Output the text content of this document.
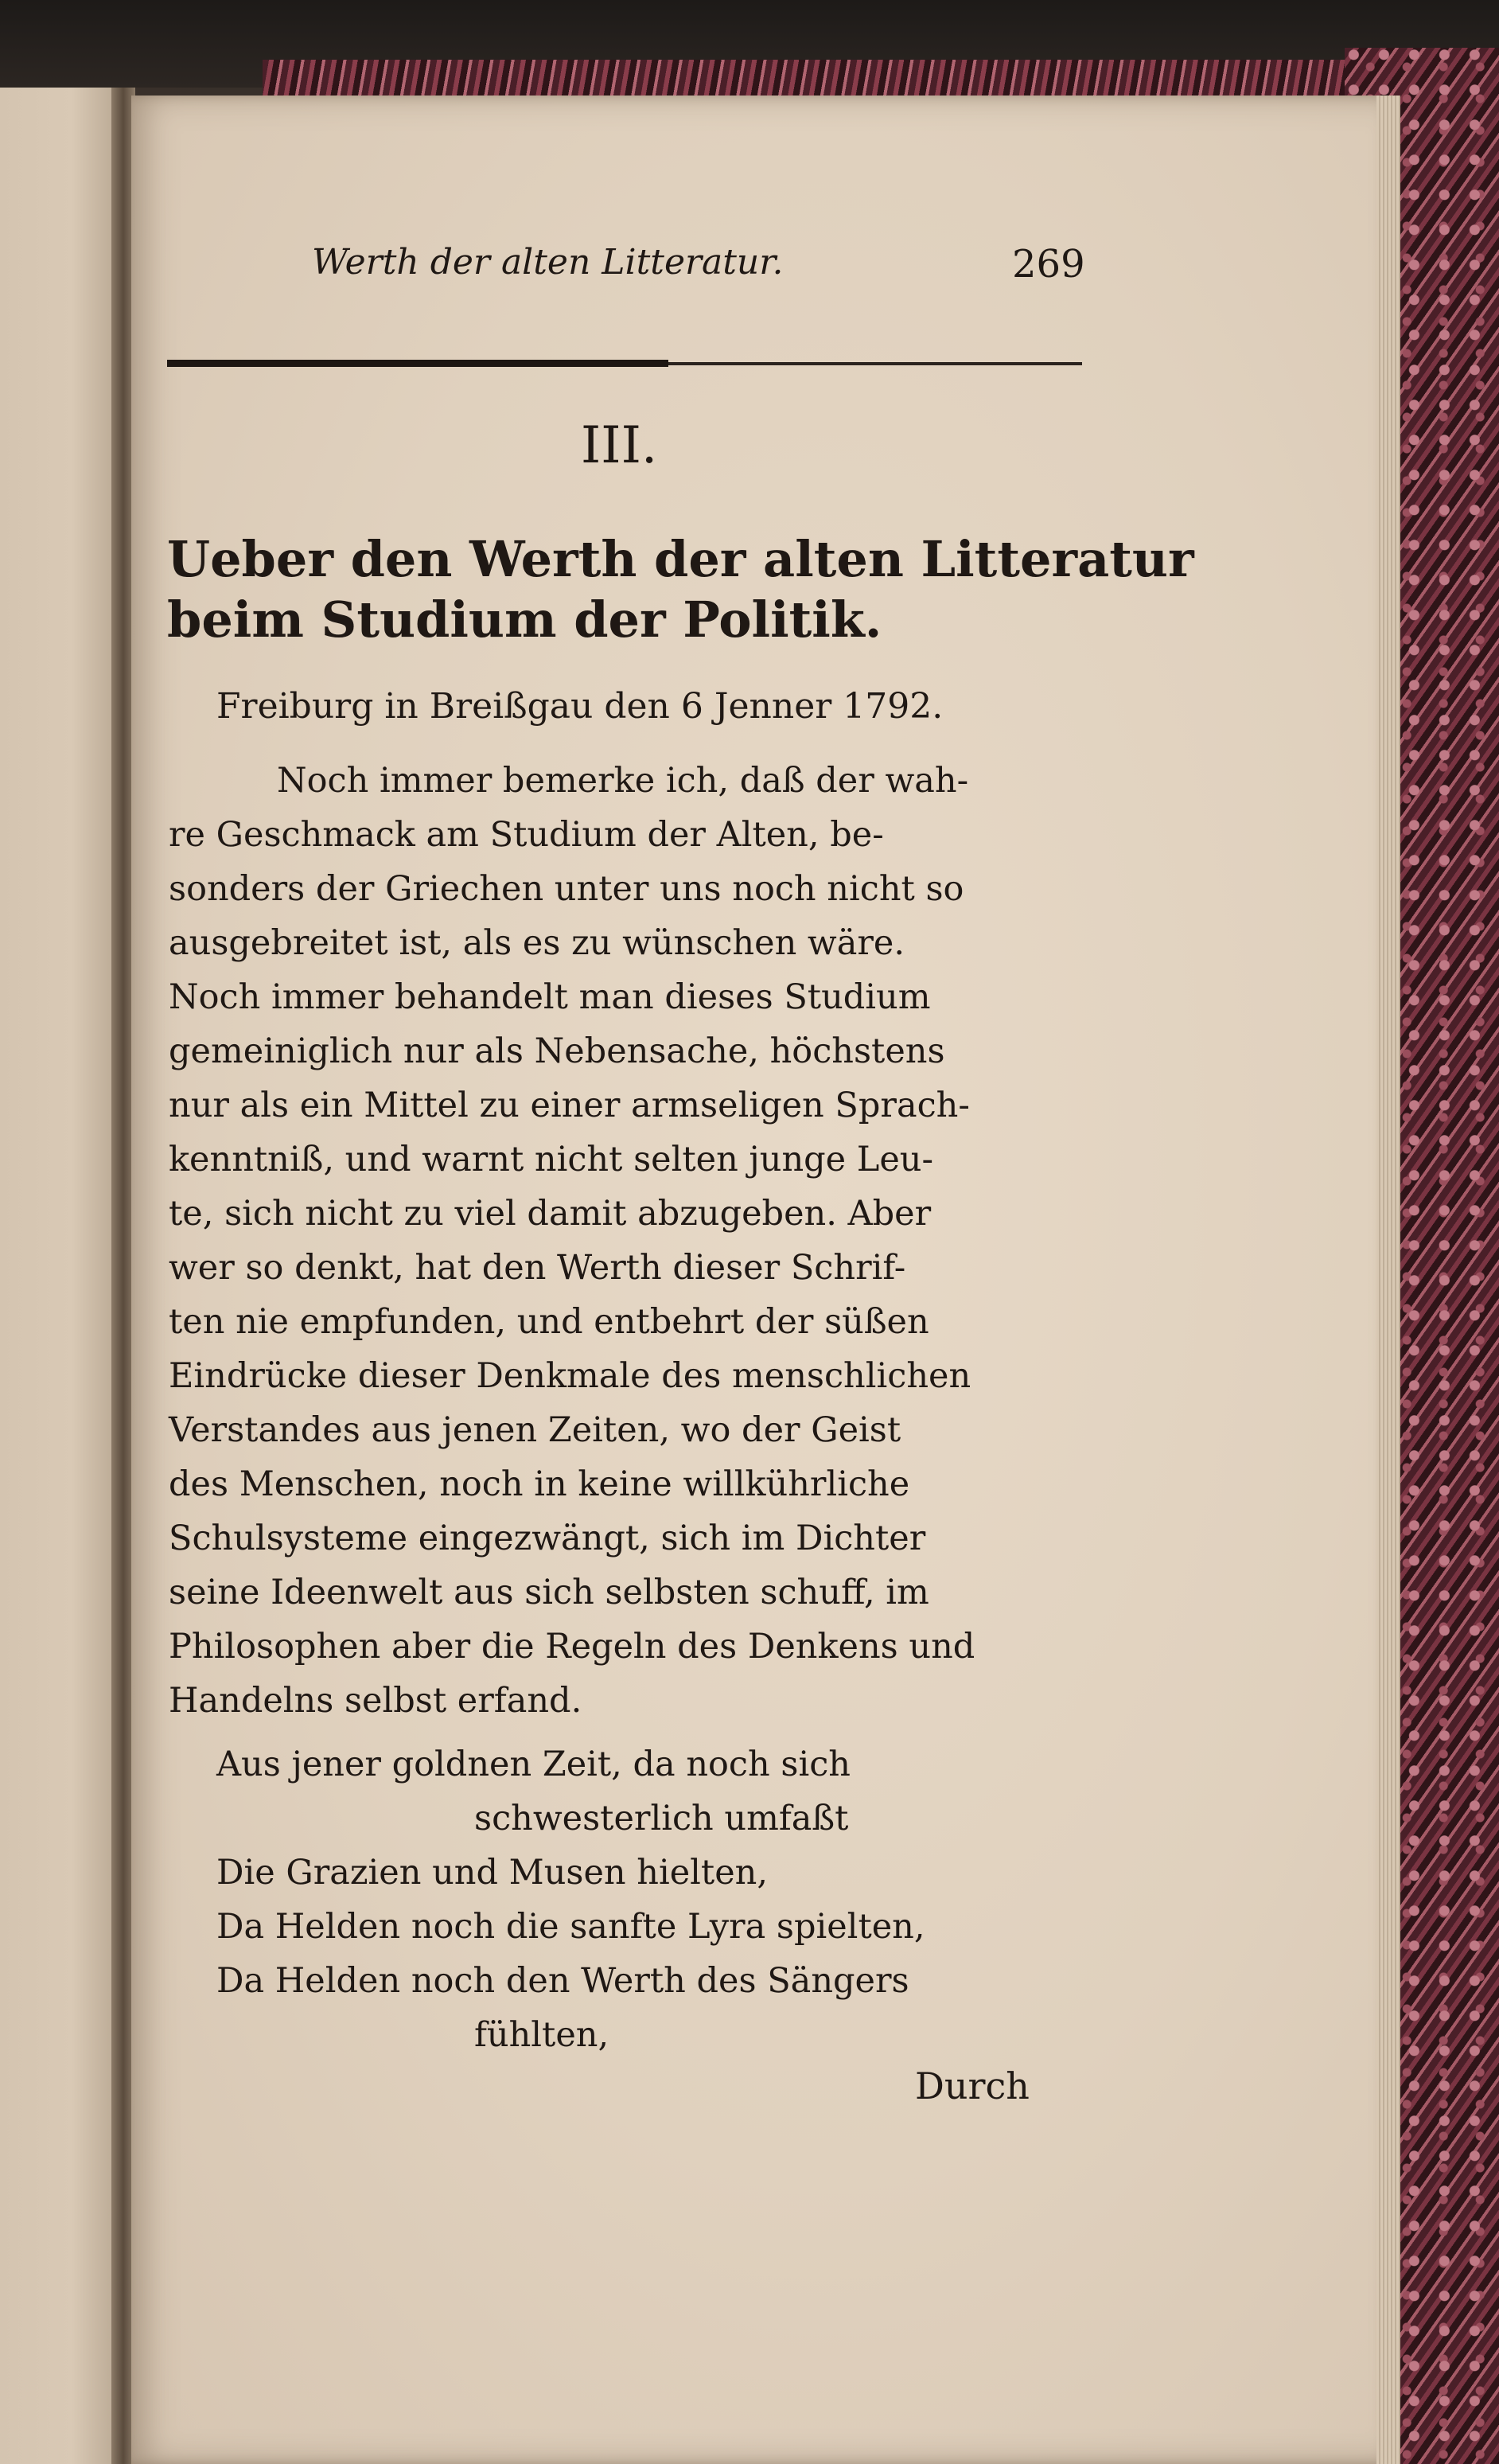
Werth der alten Litteratur.	269

III.

Ueber den Werth der alten Litteratur

beim Studium der Politik.

Freiburg in Breißgau den 6 Jenner 1792.

Noch immer bemerke ich, daß der wah-

re Geschmack am Studium der Alten, be-

sonders der Griechen unter uns noch nicht so

ausgebreitet ist, als es zu wünschen wäre.

Noch immer behandelt man dieses Studium

gemeiniglich nur als Nebensache, höchstens

nur als ein Mittel zu einer armseligen Sprach-

kenntniß, und warnt nicht selten junge Leu-

te, sich nicht zu viel damit abzugeben. Aber

wer so denkt, hat den Werth dieser Schrif-

ten nie empfunden, und entbehrt der süßen

Eindrücke dieser Denkmale des menschlichen

Verstandes aus jenen Zeiten, wo der Geist

des Menschen, noch in keine willkührliche

Schulsysteme eingezwängt, sich im Dichter

seine Ideenwelt aus sich selbsten schuff, im

Philosophen aber die Regeln des Denkens und

Handelns selbst erfand.

Aus jener goldnen Zeit, da noch sich

schwesterlich umfaßt

Die Grazien und Musen hielten,

Da Helden noch die sanfte Lyra spielten,

Da Helden noch den Werth des Sängers

fühlten,

Durch
